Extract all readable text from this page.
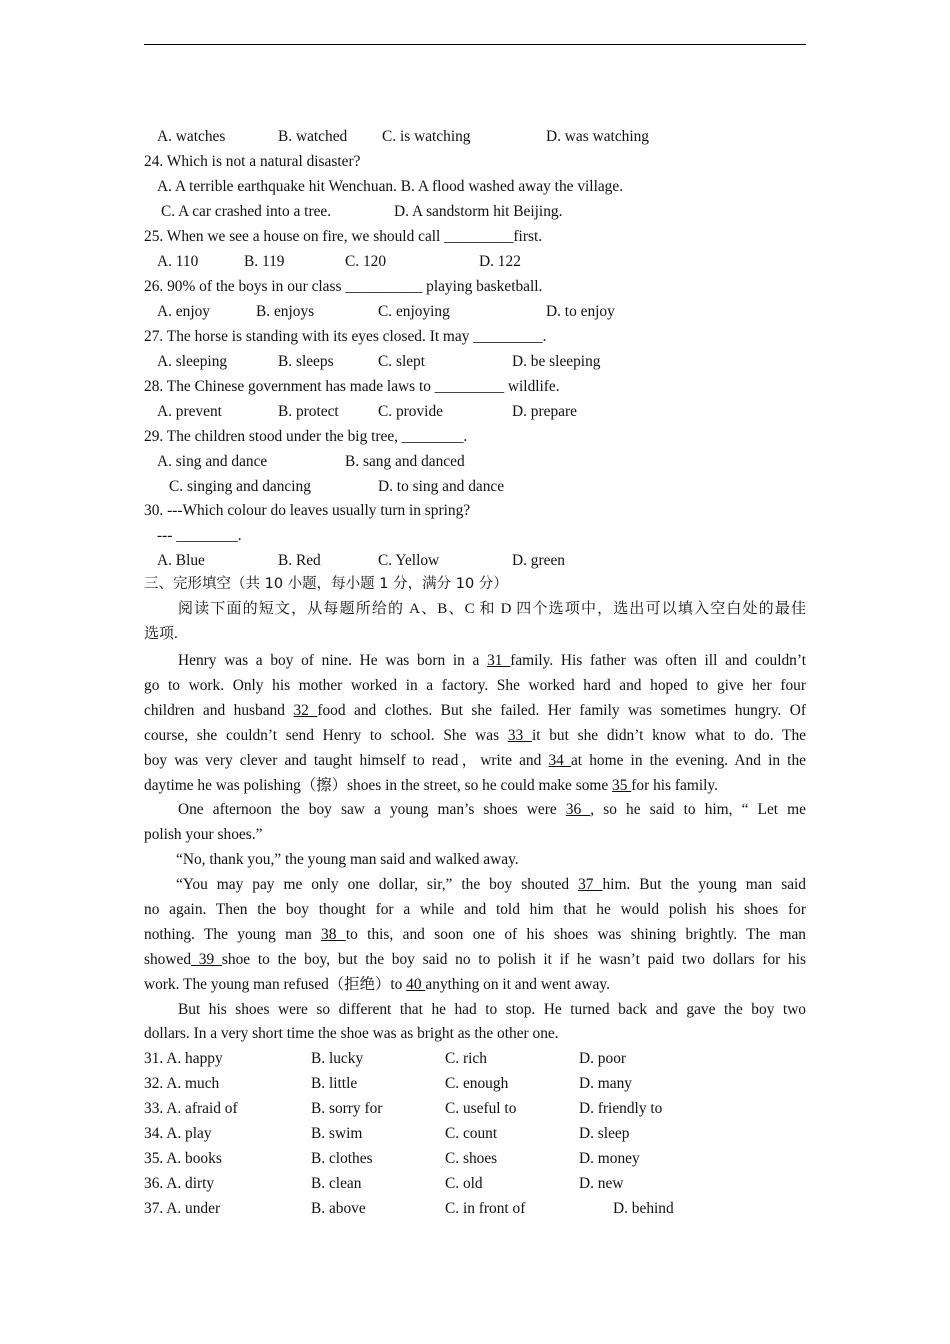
A. watches	B. watched C. is watching	D. was watching
24. Which is not a natural disaster?
A. A terrible earthquake hit Wenchuan. B. A flood washed away the village.
C. A car crashed into a tree.	D. A sandstorm hit Beijing.
25. When we see a house on fire, we should call _________first.
A. 110	B. 119	C. 120	D. 122
26. 90% of the boys in our class __________ playing basketball.
A. enjoy	B. enjoys	C. enjoying	D. to enjoy
27. The horse is standing with its eyes closed. It may _________.
A. sleeping	B. sleeps	C. slept	D. be sleeping
28. The Chinese government has made laws to _________ wildlife.
A. prevent	B. protect	C. provide	D. prepare
29. The children stood under the big tree, ________.
A. sing and dance	B. sang and danced
C. singing and dancing	D. to sing and dance
30. ---Which colour do leaves usually turn in spring?
--- ________.
A. Blue	B. Red	C. Yellow	D. green
三、完形填空（共 10 小题，每小题 1 分，满分 10 分）
阅读下面的短文，从每题所给的 A、B、C 和 D 四个选项中，选出可以填入空白处的最佳
选项.
Henry was a boy of nine. He was born in a 31 family. His father was often ill and couldn’t
go to work. Only his mother worked in a factory. She worked hard and hoped to give her four
children and husband 32 food and clothes. But she failed. Her family was sometimes hungry. Of
course, she couldn’t send Henry to school. She was 33 it but she didn’t know what to do. The
boy was very clever and taught himself to read，write and 34 at home in the evening. And in the
daytime he was polishing（擦）shoes in the street, so he could make some 35 for his family.
One afternoon the boy saw a young man’s shoes were 36 , so he said to him, “ Let me
polish your shoes.”
“No, thank you,” the young man said and walked away.
“You may pay me only one dollar, sir,” the boy shouted 37 him. But the young man said
no again. Then the boy thought for a while and told him that he would polish his shoes for
nothing. The young man 38 to this, and soon one of his shoes was shining brightly. The man
showed 39 shoe to the boy, but the boy said no to polish it if he wasn’t paid two dollars for his
work. The young man refused（拒绝）to 40 anything on it and went away.
But his shoes were so different that he had to stop. He turned back and gave the boy two
dollars. In a very short time the shoe was as bright as the other one.
31. A. happy	B. lucky	C. rich	D. poor
32. A. much	B. little	C. enough	D. many
33. A. afraid of	B. sorry for	C. useful to	D. friendly to
34. A. play	B. swim	C. count	D. sleep
35. A. books	B. clothes	C. shoes	D. money
36. A. dirty	B. clean	C. old	D. new
37. A. under	B. above	C. in front of	D. behind
